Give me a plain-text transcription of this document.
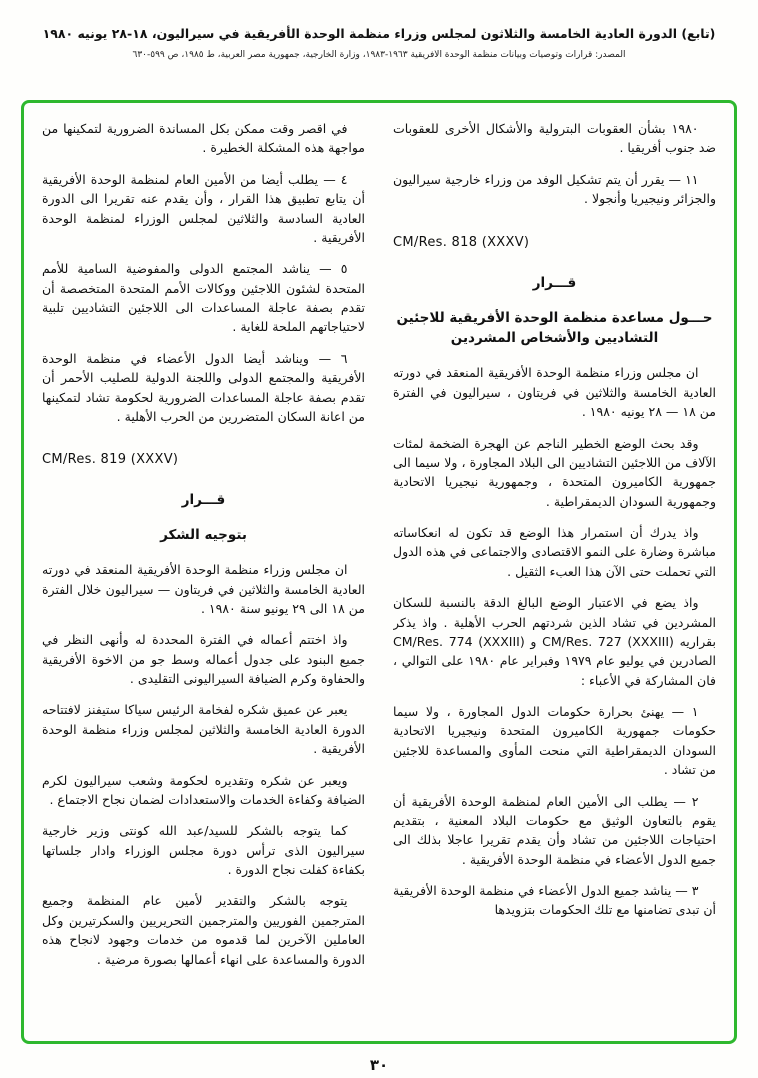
(تابع) الدورة العادية الخامسة والثلاثون لمجلس وزراء منظمة الوحدة الأفريقية في سيراليون، ١٨-٢٨ يونيه ١٩٨٠
المصدر: قرارات وتوصيات وبيانات منظمة الوحدة الأفريقية ١٩٦٣-١٩٨٣، وزارة الخارجية، جمهورية مصر العربية، ط ١٩٨٥، ص ٥٩٩-٦٣٠
١٩٨٠ بشأن العقوبات البترولية والأشكال الأخرى للعقوبات ضد جنوب أفريقيا .
١١ — يقرر أن يتم تشكيل الوفد من وزراء خارجية سيراليون والجزائر ونيجيريا وأنجولا .
CM/Res. 818 (XXXV)
قـــرار
حـــول مساعدة منظمة الوحدة الأفريقية للاجئين التشاديين والأشخاص المشردين
ان مجلس وزراء منظمة الوحدة الأفريقية المنعقد في دورته العادية الخامسة والثلاثين في فريتاون ، سيراليون في الفترة من ١٨ — ٢٨ يونيه ١٩٨٠ .
وقد بحث الوضع الخطير الناجم عن الهجرة الضخمة لمئات الآلاف من اللاجئين التشاديين الى البلاد المجاورة ، ولا سيما الى جمهورية الكاميرون المتحدة ، وجمهورية نيجيريا الاتحادية وجمهورية السودان الديمقراطية .
واذ يدرك أن استمرار هذا الوضع قد تكون له انعكاساته مباشرة وضارة على النمو الاقتصادى والاجتماعى في هذه الدول التي تحملت حتى الآن هذا العبء الثقيل .
واذ يضع في الاعتبار الوضع البالغ الدقة بالنسبة للسكان المشردين في تشاد الذين شردتهم الحرب الأهلية . واذ يذكر بقراريه CM/Res. 727 (XXXIII) و CM/Res. 774 (XXXIII) الصادرين في يوليو عام ١٩٧٩ وفبراير عام ١٩٨٠ على التوالي ، فان المشاركة في الأعباء :
١ — يهنئ بحرارة حكومات الدول المجاورة ، ولا سيما حكومات جمهورية الكاميرون المتحدة ونيجيريا الاتحادية السودان الديمقراطية التي منحت المأوى والمساعدة للاجئين من تشاد .
٢ — يطلب الى الأمين العام لمنظمة الوحدة الأفريقية أن يقوم بالتعاون الوثيق مع حكومات البلاد المعنية ، بتقديم احتياجات اللاجئين من تشاد وأن يقدم تقريرا عاجلا بذلك الى جميع الدول الأعضاء في منظمة الوحدة الأفريقية .
٣ — يناشد جميع الدول الأعضاء في منظمة الوحدة الأفريقية أن تبدى تضامنها مع تلك الحكومات بتزويدها
في اقصر وقت ممكن بكل المساندة الضرورية لتمكينها من مواجهة هذه المشكلة الخطيرة .
٤ — يطلب أيضا من الأمين العام لمنظمة الوحدة الأفريقية أن يتابع تطبيق هذا القرار ، وأن يقدم عنه تقريرا الى الدورة العادية السادسة والثلاثين لمجلس الوزراء لمنظمة الوحدة الأفريقية .
٥ — يناشد المجتمع الدولى والمفوضية السامية للأمم المتحدة لشئون اللاجئين ووكالات الأمم المتحدة المتخصصة أن تقدم بصفة عاجلة المساعدات الى اللاجئين التشاديين تلبية لاحتياجاتهم الملحة للغاية .
٦ — ويناشد أيضا الدول الأعضاء في منظمة الوحدة الأفريقية والمجتمع الدولى واللجنة الدولية للصليب الأحمر أن تقدم بصفة عاجلة المساعدات الضرورية لحكومة تشاد لتمكينها من اعانة السكان المتضررين من الحرب الأهلية .
CM/Res. 819 (XXXV)
قـــرار
بتوجيه الشكر
ان مجلس وزراء منظمة الوحدة الأفريقية المنعقد في دورته العادية الخامسة والثلاثين في فريتاون — سيراليون خلال الفترة من ١٨ الى ٢٩ يونيو سنة ١٩٨٠ .
واذ اختتم أعماله في الفترة المحددة له وأنهى النظر في جميع البنود على جدول أعماله وسط جو من الاخوة الأفريقية والحفاوة وكرم الضيافة السيراليونى التقليدى .
يعبر عن عميق شكره لفخامة الرئيس سياكا ستيفنز لافتتاحه الدورة العادية الخامسة والثلاثين لمجلس وزراء منظمة الوحدة الأفريقية .
ويعبر عن شكره وتقديره لحكومة وشعب سيراليون لكرم الضيافة وكفاءة الخدمات والاستعدادات لضمان نجاح الاجتماع .
كما يتوجه بالشكر للسيد/عبد الله كونتى وزير خارجية سيراليون الذى ترأس دورة مجلس الوزراء وادار جلساتها بكفاءة كفلت نجاح الدورة .
يتوجه بالشكر والتقدير لأمين عام المنظمة وجميع المترجمين الفوريين والمترجمين التحريريين والسكرتيرين وكل العاملين الآخرين لما قدموه من خدمات وجهود لانجاح هذه الدورة والمساعدة على انهاء أعمالها بصورة مرضية .
٣٠
